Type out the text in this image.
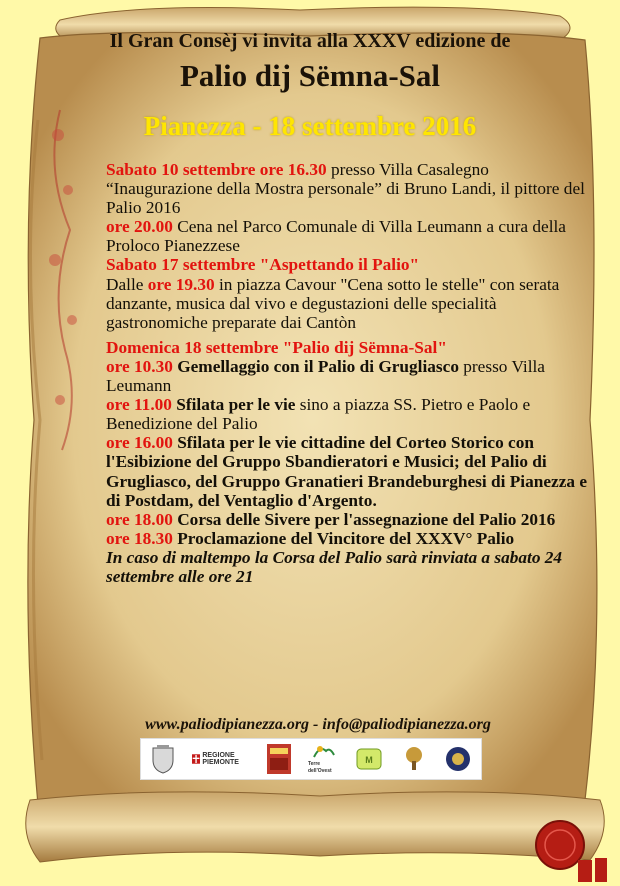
Il Gran Consèj vi invita alla XXXV edizione de
Palio dij Sëmna-Sal
Pianezza - 18 settembre 2016

Sabato 10 settembre ore 16.30 presso Villa Casalegno “Inaugurazione della Mostra personale” di Bruno Landi, il pittore del Palio 2016

ore 20.00 Cena nel Parco Comunale di Villa Leumann a cura della Proloco Pianezzese

Sabato 17 settembre "Aspettando il Palio"

Dalle ore 19.30 in piazza Cavour "Cena sotto le stelle" con serata danzante, musica dal vivo e degustazioni delle specialità gastronomiche preparate dai Cantòn

Domenica 18 settembre "Palio dij Sëmna-Sal"

ore 10.30 Gemellaggio con il Palio di Grugliasco presso Villa Leumann

ore 11.00 Sfilata per le vie sino a piazza SS. Pietro e Paolo e Benedizione del Palio

ore 16.00 Sfilata per le vie cittadine del Corteo Storico con l'Esibizione del Gruppo Sbandieratori e Musici; del Palio di Grugliasco, del Gruppo Granatieri Brandeburghesi di Pianezza e di Postdam, del Ventaglio d'Argento.

ore 18.00 Corsa delle Sivere per l'assegnazione del Palio 2016

ore 18.30 Proclamazione del Vincitore del XXXV° Palio

In caso di maltempo la Corsa del Palio sarà rinviata a sabato 24 settembre alle ore 21

www.paliodipianezza.org - info@paliodipianezza.org
REGIONE PIEMONTE	Terre dell'Ovest
M
